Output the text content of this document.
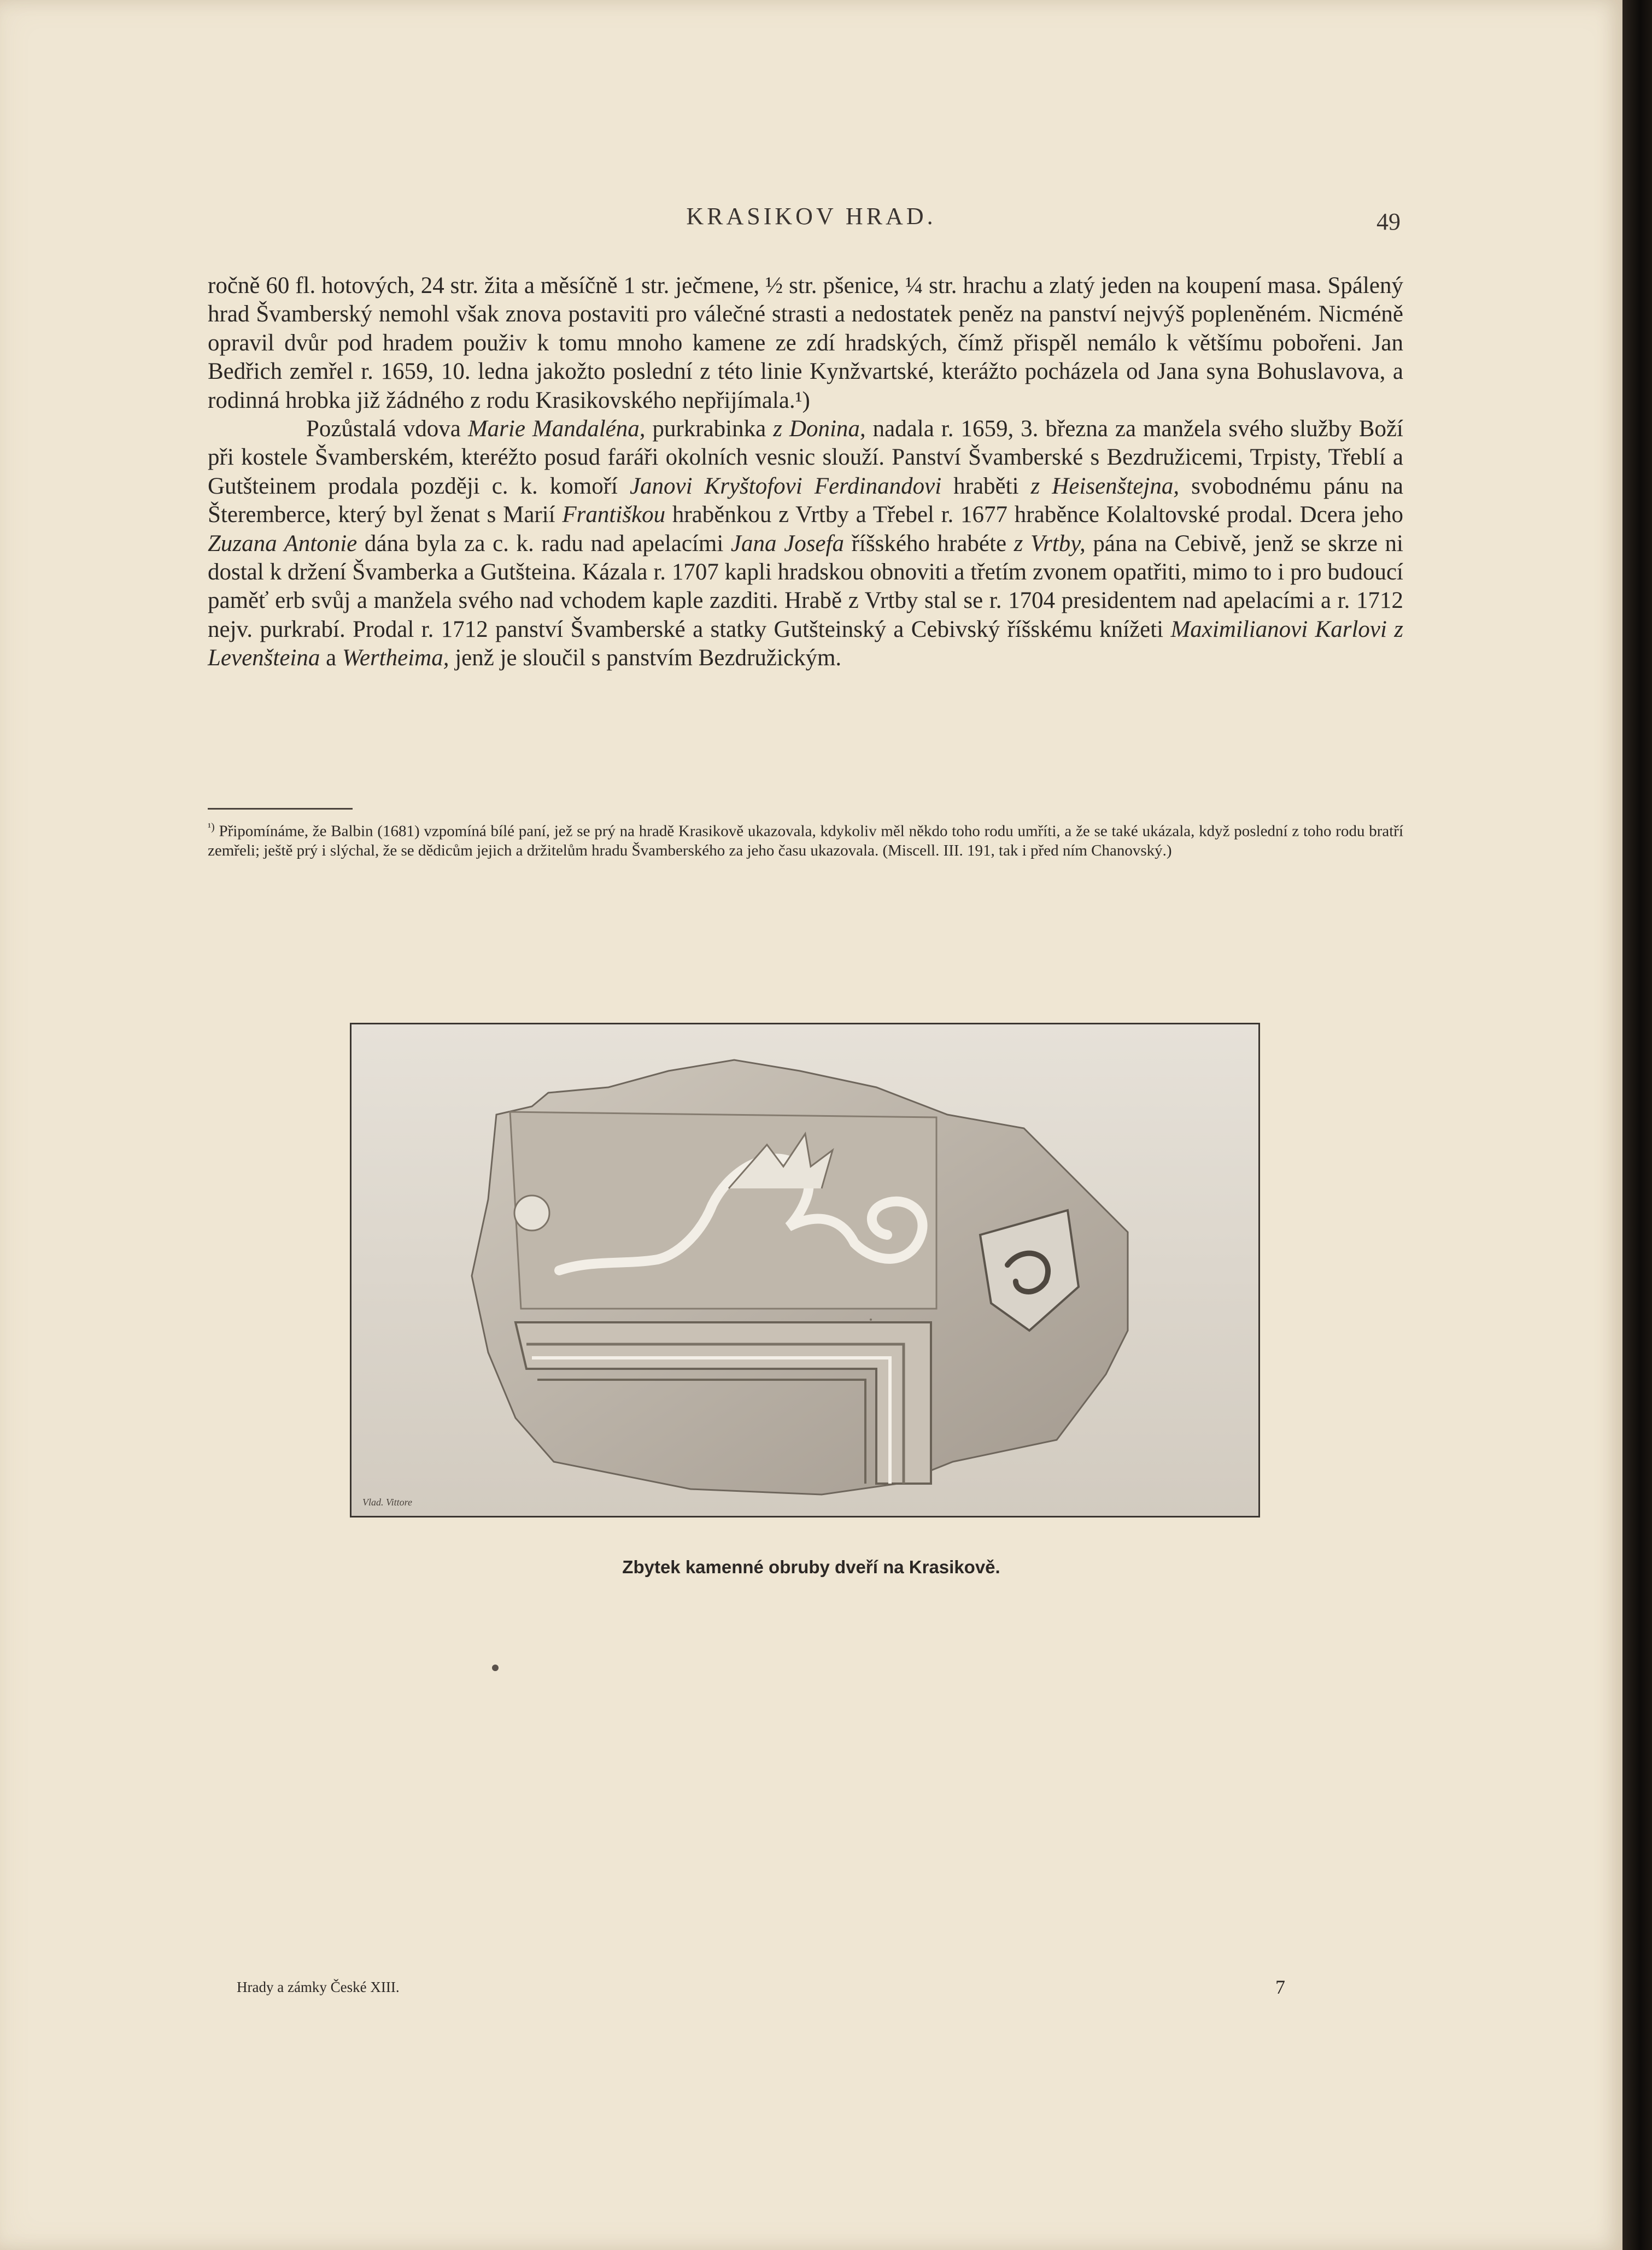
KRASIKOV HRAD.	49

ročně 60 fl. hotových, 24 str. žita a měsíčně 1 str. ječmene, ½ str. pšenice, ¼ str. hrachu a zlatý jeden na koupení masa. Spálený hrad Švamberský nemohl však znova postaviti pro válečné strasti a nedostatek peněz na panství nejvýš popleněném. Nicméně opravil dvůr pod hradem použiv k tomu mnoho kamene ze zdí hradských, čímž přispěl nemálo k většímu pobořeni. Jan Bedřich zemřel r. 1659, 10. ledna jakožto poslední z této linie Kynžvartské, kterážto pocházela od Jana syna Bohuslavova, a rodinná hrobka již žádného z rodu Krasikovského nepřijímala.¹)

Pozůstalá vdova Marie Mandaléna, purkrabinka z Donina, nadala r. 1659, 3. března za manžela svého služby Boží při kostele Švamberském, kteréžto posud faráři okolních vesnic slouží. Panství Švamberské s Bezdružicemi, Trpisty, Třeblí a Gutšteinem prodala později c. k. komoří Janovi Kryštofovi Ferdinandovi hraběti z Heisenštejna, svobodnému pánu na Šteremberce, který byl ženat s Marií Františkou hraběnkou z Vrtby a Třebel r. 1677 hraběnce Kolaltovské prodal. Dcera jeho Zuzana Antonie dána byla za c. k. radu nad apelacími Jana Josefa říšského hrabéte z Vrtby, pána na Cebivě, jenž se skrze ni dostal k držení Švamberka a Gutšteina. Kázala r. 1707 kapli hradskou obnoviti a třetím zvonem opatřiti, mimo to i pro budoucí paměť erb svůj a manžela svého nad vchodem kaple zazditi. Hrabě z Vrtby stal se r. 1704 presidentem nad apelacími a r. 1712 nejv. purkrabí. Prodal r. 1712 panství Švamberské a statky Gutšteinský a Cebivský říšskému knížeti Maximilianovi Karlovi z Levenšteina a Wertheima, jenž je sloučil s panstvím Bezdružickým.

$^{^1)}$ Připomínáme, že Balbin (1681) vzpomíná bílé paní, jež se prý na hradě Krasikově ukazovala, kdykoliv měl někdo toho rodu umříti, a že se také ukázala, když poslední z toho rodu bratří zemřeli; ještě prý i slýchal, že se dědicům jejich a držitelům hradu Švamberského za jeho času ukazovala. (Miscell. III. 191, tak i před ním Chanovský.)
Vlad. Vittore
Zbytek kamenné obruby dveří na Krasikově.
Hrady a zámky České XIII.	7
